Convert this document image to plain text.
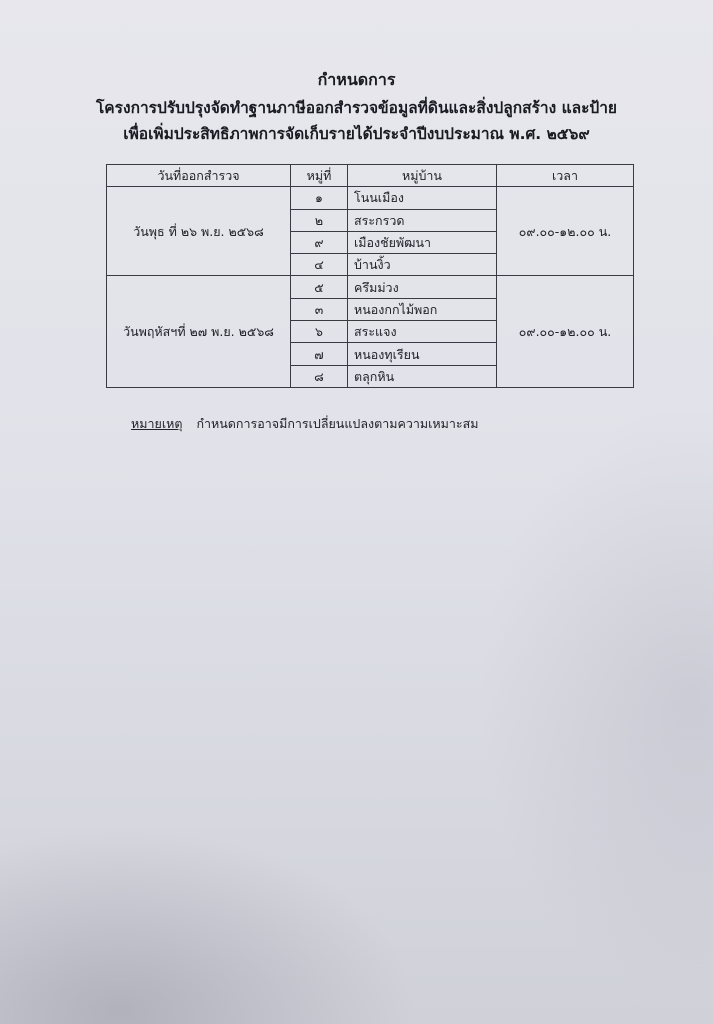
กำหนดการ
โครงการปรับปรุงจัดทำฐานภาษีออกสำรวจข้อมูลที่ดินและสิ่งปลูกสร้าง และป้าย
เพื่อเพิ่มประสิทธิภาพการจัดเก็บรายได้ประจำปีงบประมาณ พ.ศ. ๒๕๖๙
วันที่ออกสำรวจ	หมู่ที่	หมู่บ้าน	เวลา
วันพุธ ที่ ๒๖ พ.ย. ๒๕๖๘	๑	โนนเมือง	๐๙.๐๐-๑๒.๐๐ น.
	๒	สระกรวด	
	๙	เมืองชัยพัฒนา	
	๔	บ้านงิ้ว	
วันพฤหัสฯที่ ๒๗ พ.ย. ๒๕๖๘	๕	ครึมม่วง	๐๙.๐๐-๑๒.๐๐ น.
	๓	หนองกกไม้พอก	
	๖	สระแจง	
	๗	หนองทุเรียน	
	๘	ตลุกหิน	
หมายเหตุ กำหนดการอาจมีการเปลี่ยนแปลงตามความเหมาะสม
